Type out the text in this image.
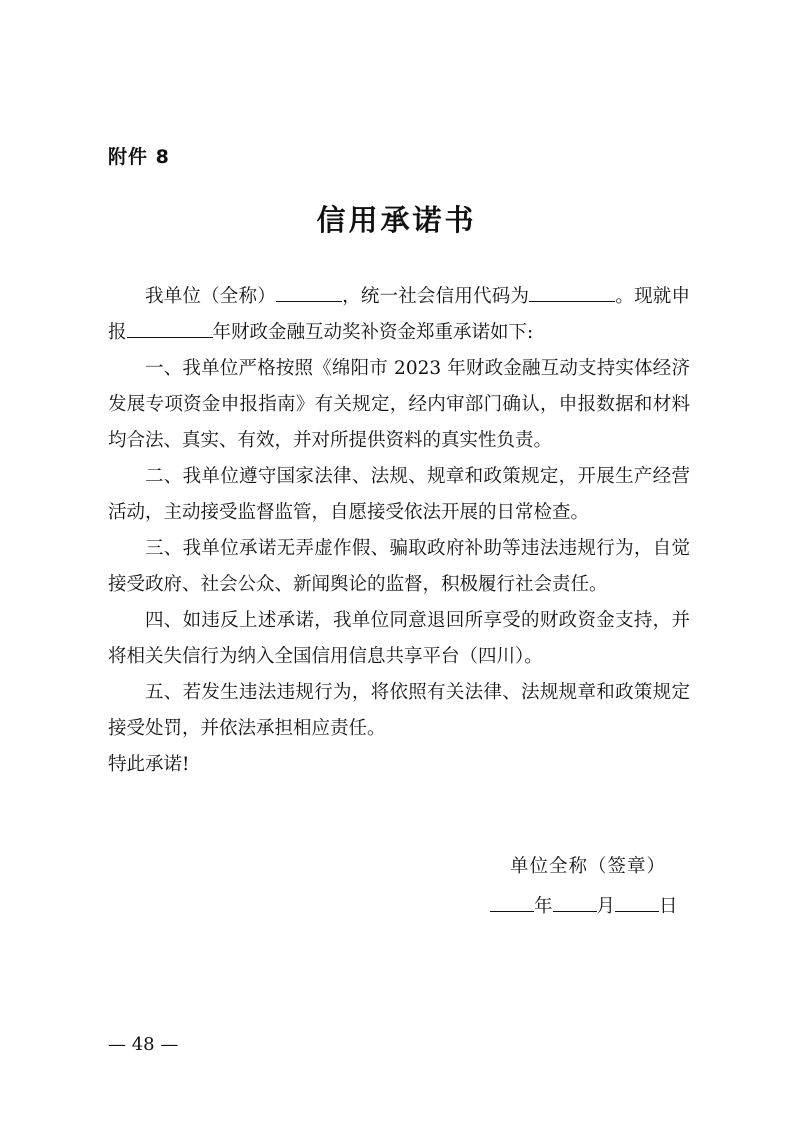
附件 8
信用承诺书

我单位（全称）	，统一社会信用代码为	。现就申报	年财政金融互动奖补资金郑重承诺如下:

一、我单位严格按照《绵阳市 2023 年财政金融互动支持实体经济发展专项资金申报指南》有关规定，经内审部门确认，申报数据和材料均合法、真实、有效，并对所提供资料的真实性负责。

二、我单位遵守国家法律、法规、规章和政策规定，开展生产经营活动，主动接受监督监管，自愿接受依法开展的日常检查。

三、我单位承诺无弄虚作假、骗取政府补助等违法违规行为，自觉接受政府、社会公众、新闻舆论的监督，积极履行社会责任。

四、如违反上述承诺，我单位同意退回所享受的财政资金支持，并将相关失信行为纳入全国信用信息共享平台（四川）。

五、若发生违法违规行为，将依照有关法律、法规规章和政策规定接受处罚，并依法承担相应责任。

特此承诺!

单位全称（签章）
年 月 日
— 48 —
